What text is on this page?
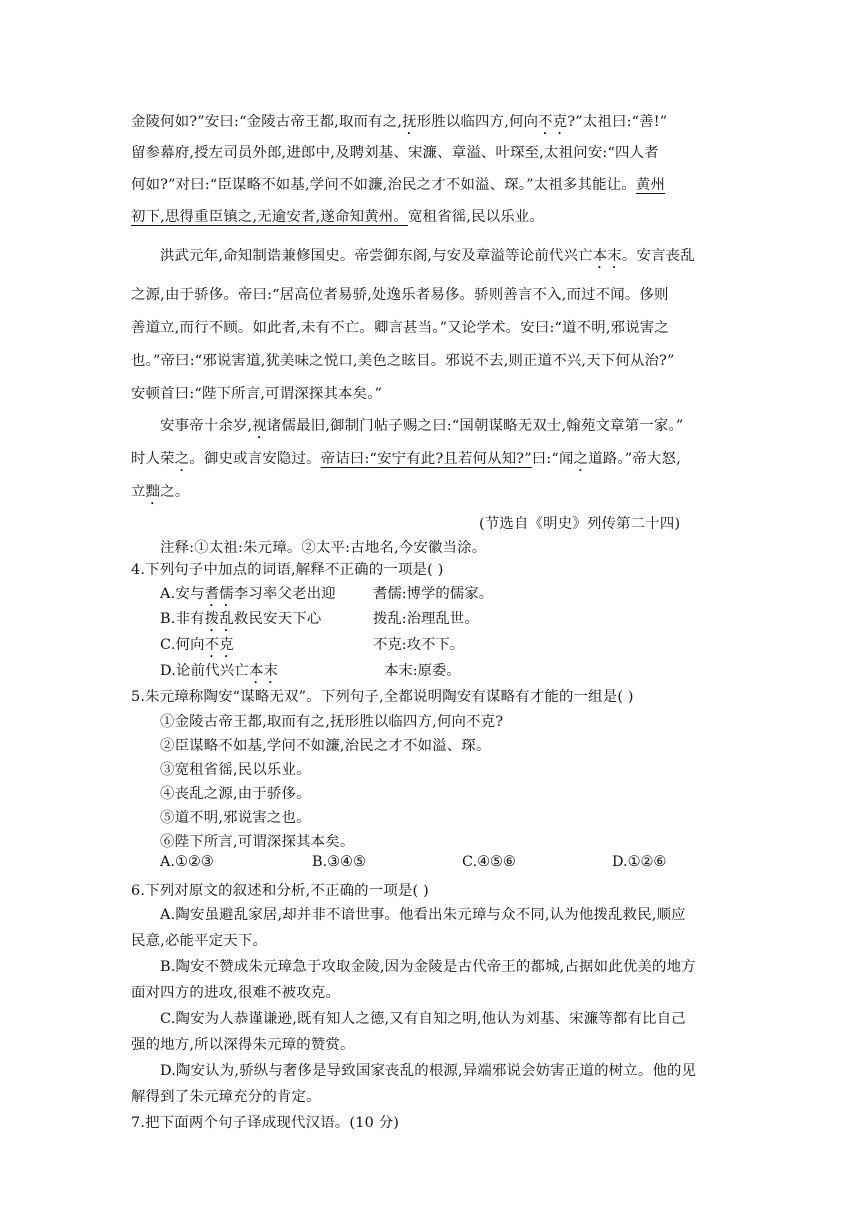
金陵何如?”安曰:“金陵古帝王都,取而有之,抚形胜以临四方,何向不克?”太祖曰:“善!”
留参幕府,授左司员外郎,进郎中,及聘刘基、宋濂、章溢、叶琛至,太祖问安:“四人者
何如?”对曰:“臣谋略不如基,学问不如濂,治民之才不如溢、琛。”太祖多其能让。黄州
初下,思得重臣镇之,无逾安者,遂命知黄州。宽租省徭,民以乐业。
洪武元年,命知制诰兼修国史。帝尝御东阁,与安及章溢等论前代兴亡本末。安言丧乱
之源,由于骄侈。帝曰:“居高位者易骄,处逸乐者易侈。骄则善言不入,而过不闻。侈则
善道立,而行不顾。如此者,未有不亡。卿言甚当。”又论学术。安曰:“道不明,邪说害之
也。”帝曰:“邪说害道,犹美味之悦口,美色之眩目。邪说不去,则正道不兴,天下何从治?”
安顿首曰:“陛下所言,可谓深探其本矣。”
安事帝十余岁,视诸儒最旧,御制门帖子赐之曰:“国朝谋略无双士,翰苑文章第一家。”
时人荣之。御史或言安隐过。帝诘曰:“安宁有此?且若何从知?”曰:“闻之道路。”帝大怒,
立黜之。
(节选自《明史》列传第二十四)
注释:①太祖:朱元璋。②太平:古地名,今安徽当涂。
4.下列句子中加点的词语,解释不正确的一项是( )
A.安与耆儒李习率父老出迎	耆儒:博学的儒家。
B.非有拨乱救民安天下心	拨乱:治理乱世。
C.何向不克	不克:攻不下。
D.论前代兴亡本末	本末:原委。
5.朱元璋称陶安“谋略无双”。下列句子,全都说明陶安有谋略有才能的一组是( )
①金陵古帝王都,取而有之,抚形胜以临四方,何向不克?
②臣谋略不如基,学问不如濂,治民之才不如溢、琛。
③宽租省徭,民以乐业。
④丧乱之源,由于骄侈。
⑤道不明,邪说害之也。
⑥陛下所言,可谓深探其本矣。
A.①②③	B.③④⑤	C.④⑤⑥	D.①②⑥
6.下列对原文的叙述和分析,不正确的一项是( )
A.陶安虽避乱家居,却并非不谙世事。他看出朱元璋与众不同,认为他拨乱救民,顺应
民意,必能平定天下。
B.陶安不赞成朱元璋急于攻取金陵,因为金陵是古代帝王的都城,占据如此优美的地方
面对四方的进攻,很难不被攻克。
C.陶安为人恭谨谦逊,既有知人之德,又有自知之明,他认为刘基、宋濂等都有比自己
强的地方,所以深得朱元璋的赞赏。
D.陶安认为,骄纵与奢侈是导致国家丧乱的根源,异端邪说会妨害正道的树立。他的见
解得到了朱元璋充分的肯定。
7.把下面两个句子译成现代汉语。(10 分)
